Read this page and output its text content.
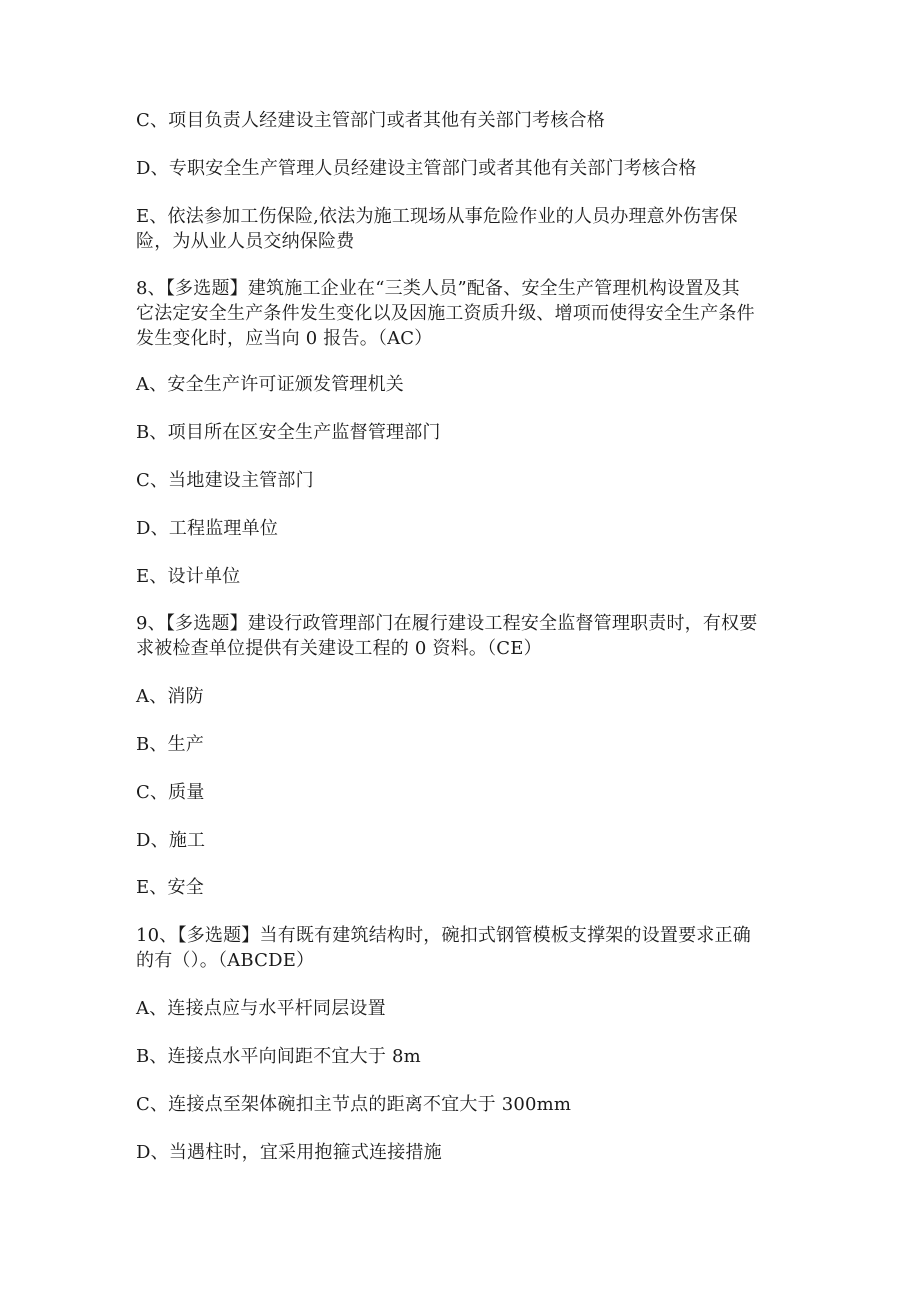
C、项目负责人经建设主管部门或者其他有关部门考核合格
D、专职安全生产管理人员经建设主管部门或者其他有关部门考核合格
E、依法参加工伤保险,依法为施工现场从事危险作业的人员办理意外伤害保
险，为从业人员交纳保险费
8、【多选题】建筑施工企业在“三类人员”配备、安全生产管理机构设置及其
它法定安全生产条件发生变化以及因施工资质升级、增项而使得安全生产条件
发生变化时，应当向 0 报告。（AC）
A、安全生产许可证颁发管理机关
B、项目所在区安全生产监督管理部门
C、当地建设主管部门
D、工程监理单位
E、设计单位
9、【多选题】建设行政管理部门在履行建设工程安全监督管理职责时，有权要
求被检查单位提供有关建设工程的 0 资料。（CE）
A、消防
B、生产
C、质量
D、施工
E、安全
10、【多选题】当有既有建筑结构时，碗扣式钢管模板支撑架的设置要求正确
的有（）。（ABCDE）
A、连接点应与水平杆同层设置
B、连接点水平向间距不宜大于 8m
C、连接点至架体碗扣主节点的距离不宜大于 300mm
D、当遇柱时，宜采用抱箍式连接措施
